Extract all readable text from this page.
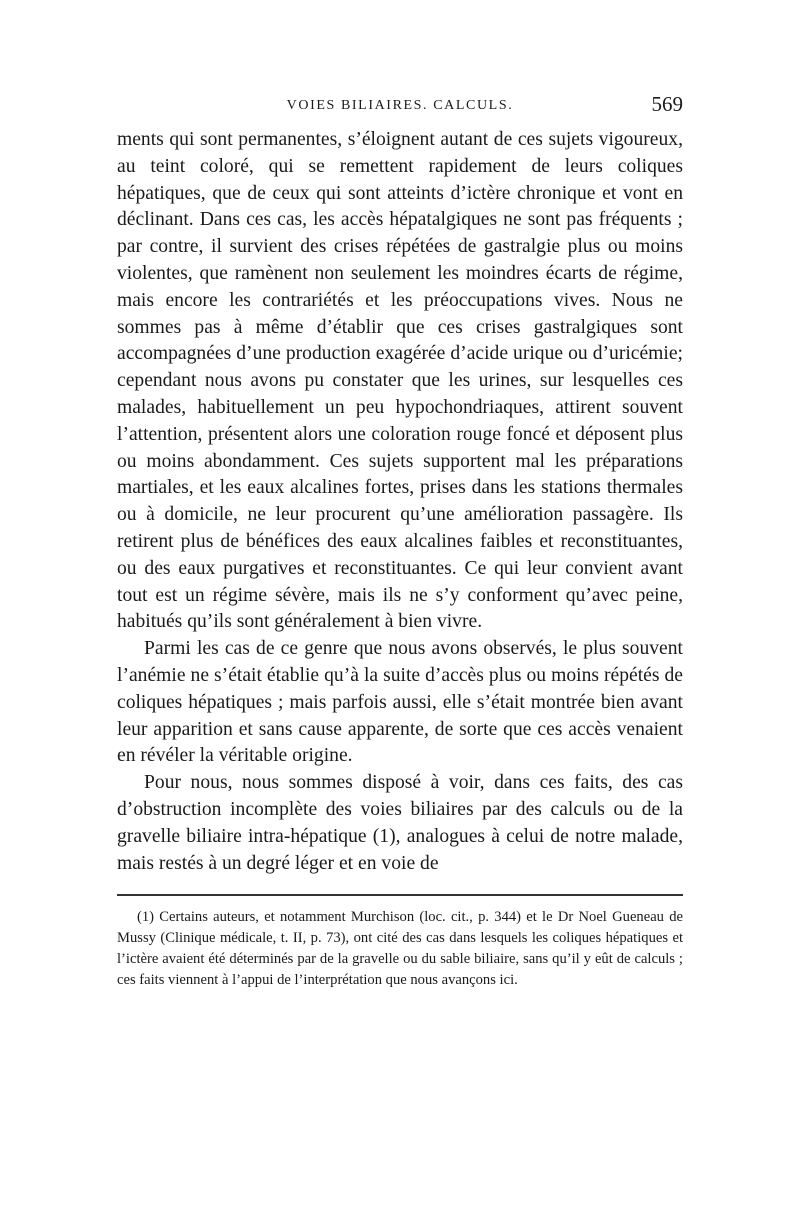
VOIES BILIAIRES. CALCULS.	569

ments qui sont permanentes, s’éloignent autant de ces sujets vigoureux, au teint coloré, qui se remettent rapidement de leurs coliques hépatiques, que de ceux qui sont atteints d’ictère chronique et vont en déclinant. Dans ces cas, les accès hépatalgiques ne sont pas fréquents ; par contre, il survient des crises répétées de gastralgie plus ou moins violentes, que ramènent non seulement les moindres écarts de régime, mais encore les contrariétés et les préoccupations vives. Nous ne sommes pas à même d’établir que ces crises gastralgiques sont accompagnées d’une production exagérée d’acide urique ou d’uricémie; cependant nous avons pu constater que les urines, sur lesquelles ces malades, habituellement un peu hypochondriaques, attirent souvent l’attention, présentent alors une coloration rouge foncé et déposent plus ou moins abondamment. Ces sujets supportent mal les préparations martiales, et les eaux alcalines fortes, prises dans les stations thermales ou à domicile, ne leur procurent qu’une amélioration passagère. Ils retirent plus de bénéfices des eaux alcalines faibles et reconstituantes, ou des eaux purgatives et reconstituantes. Ce qui leur convient avant tout est un régime sévère, mais ils ne s’y conforment qu’avec peine, habitués qu’ils sont généralement à bien vivre.

Parmi les cas de ce genre que nous avons observés, le plus souvent l’anémie ne s’était établie qu’à la suite d’accès plus ou moins répétés de coliques hépatiques ; mais parfois aussi, elle s’était montrée bien avant leur apparition et sans cause apparente, de sorte que ces accès venaient en révéler la véritable origine.

Pour nous, nous sommes disposé à voir, dans ces faits, des cas d’obstruction incomplète des voies biliaires par des calculs ou de la gravelle biliaire intra-hépatique (1), analogues à celui de notre malade, mais restés à un degré léger et en voie de

(1) Certains auteurs, et notamment Murchison (loc. cit., p. 344) et le Dr Noel Gueneau de Mussy (Clinique médicale, t. II, p. 73), ont cité des cas dans lesquels les coliques hépatiques et l’ictère avaient été déterminés par de la gravelle ou du sable biliaire, sans qu’il y eût de calculs ; ces faits viennent à l’appui de l’interprétation que nous avançons ici.
